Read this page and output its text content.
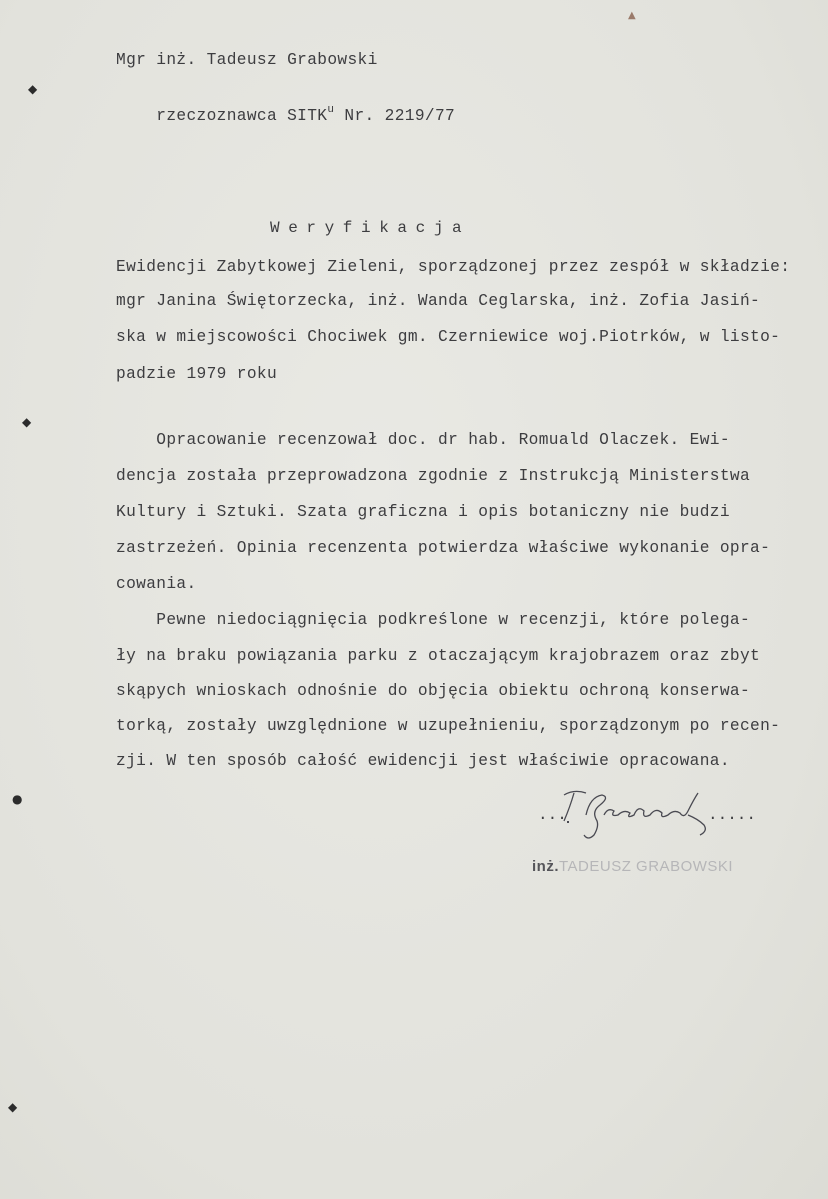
Mgr inż. Tadeusz Grabowski

rzeczoznawca SITK$^u$ Nr. 2219/77

Weryfikacja
Ewidencji Zabytkowej Zieleni, sporządzonej przez zespół w składzie:
mgr Janina Świętorzecka, inż. Wanda Ceglarska, inż. Zofia Jasiń-
ska w miejscowości Chociwek gm. Czerniewice woj.Piotrków, w listo-
padzie 1979 roku
Opracowanie recenzował doc. dr hab. Romuald Olaczek. Ewi-
dencja została przeprowadzona zgodnie z Instrukcją Ministerstwa
Kultury i Sztuki. Szata graficzna i opis botaniczny nie budzi
zastrzeżeń. Opinia recenzenta potwierdza właściwe wykonanie opra-
cowania.
Pewne niedociągnięcia podkreślone w recenzji, które polega-
ły na braku powiązania parku z otaczającym krajobrazem oraz zbyt
skąpych wnioskach odnośnie do objęcia obiektu ochroną konserwa-
torką, zostały uwzględnione w uzupełnieniu, sporządzonym po recen-
zji. W ten sposób całość ewidencji jest właściwie opracowana.
...	.....
inż.TADEUSZ GRABOWSKI
◆
◆
●
◆
▲
